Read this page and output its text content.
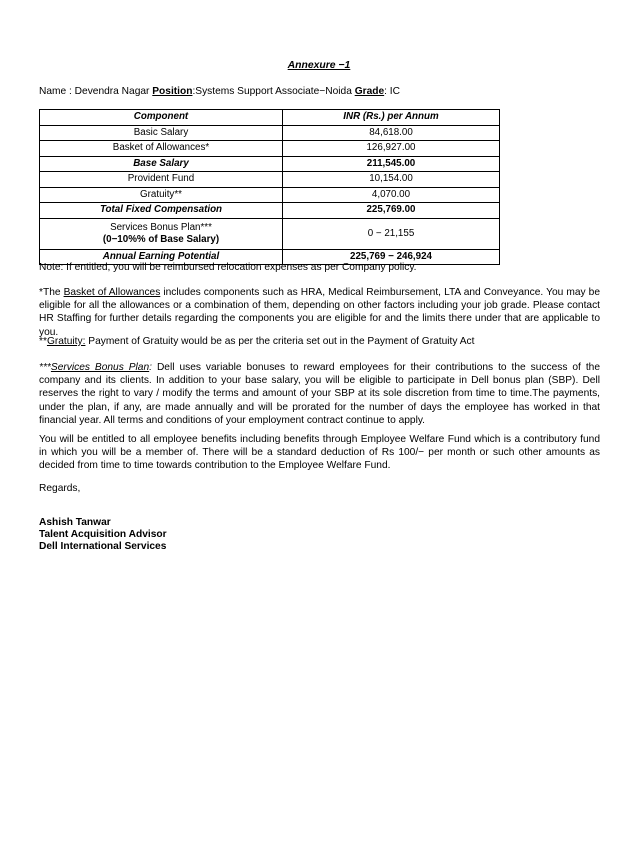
Annexure −1
Name : Devendra Nagar Position:Systems Support Associate−Noida Grade: IC
Component	INR (Rs.) per Annum
Basic Salary	84,618.00
Basket of Allowances*	126,927.00
Base Salary	211,545.00
Provident Fund	10,154.00
Gratuity**	4,070.00
Total Fixed Compensation	225,769.00

Services Bonus Plan***
(0−10%% of Base Salary)	0 − 21,155
Annual Earning Potential	225,769 − 246,924
Note: If entitled, you will be reimbursed relocation expenses as per Company policy.
*The Basket of Allowances includes components such as HRA, Medical Reimbursement, LTA and Conveyance. You may be eligible for all the allowances or a combination of them, depending on other factors including your job grade. Please contact HR Staffing for further details regarding the components you are eligible for and the limits there under that are applicable to you.
**Gratuity: Payment of Gratuity would be as per the criteria set out in the Payment of Gratuity Act
***Services Bonus Plan: Dell uses variable bonuses to reward employees for their contributions to the success of the company and its clients. In addition to your base salary, you will be eligible to participate in Dell bonus plan (SBP). Dell reserves the right to vary / modify the terms and amount of your SBP at its sole discretion from time to time.The payments, under the plan, if any, are made annually and will be prorated for the number of days the employee has worked in that financial year. All terms and conditions of your employment contract continue to apply.
You will be entitled to all employee benefits including benefits through Employee Welfare Fund which is a contributory fund in which you will be a member of. There will be a standard deduction of Rs 100/− per month or such other amounts as decided from time to time towards contribution to the Employee Welfare Fund.
Regards,
Ashish Tanwar
Talent Acquisition Advisor
Dell International Services
